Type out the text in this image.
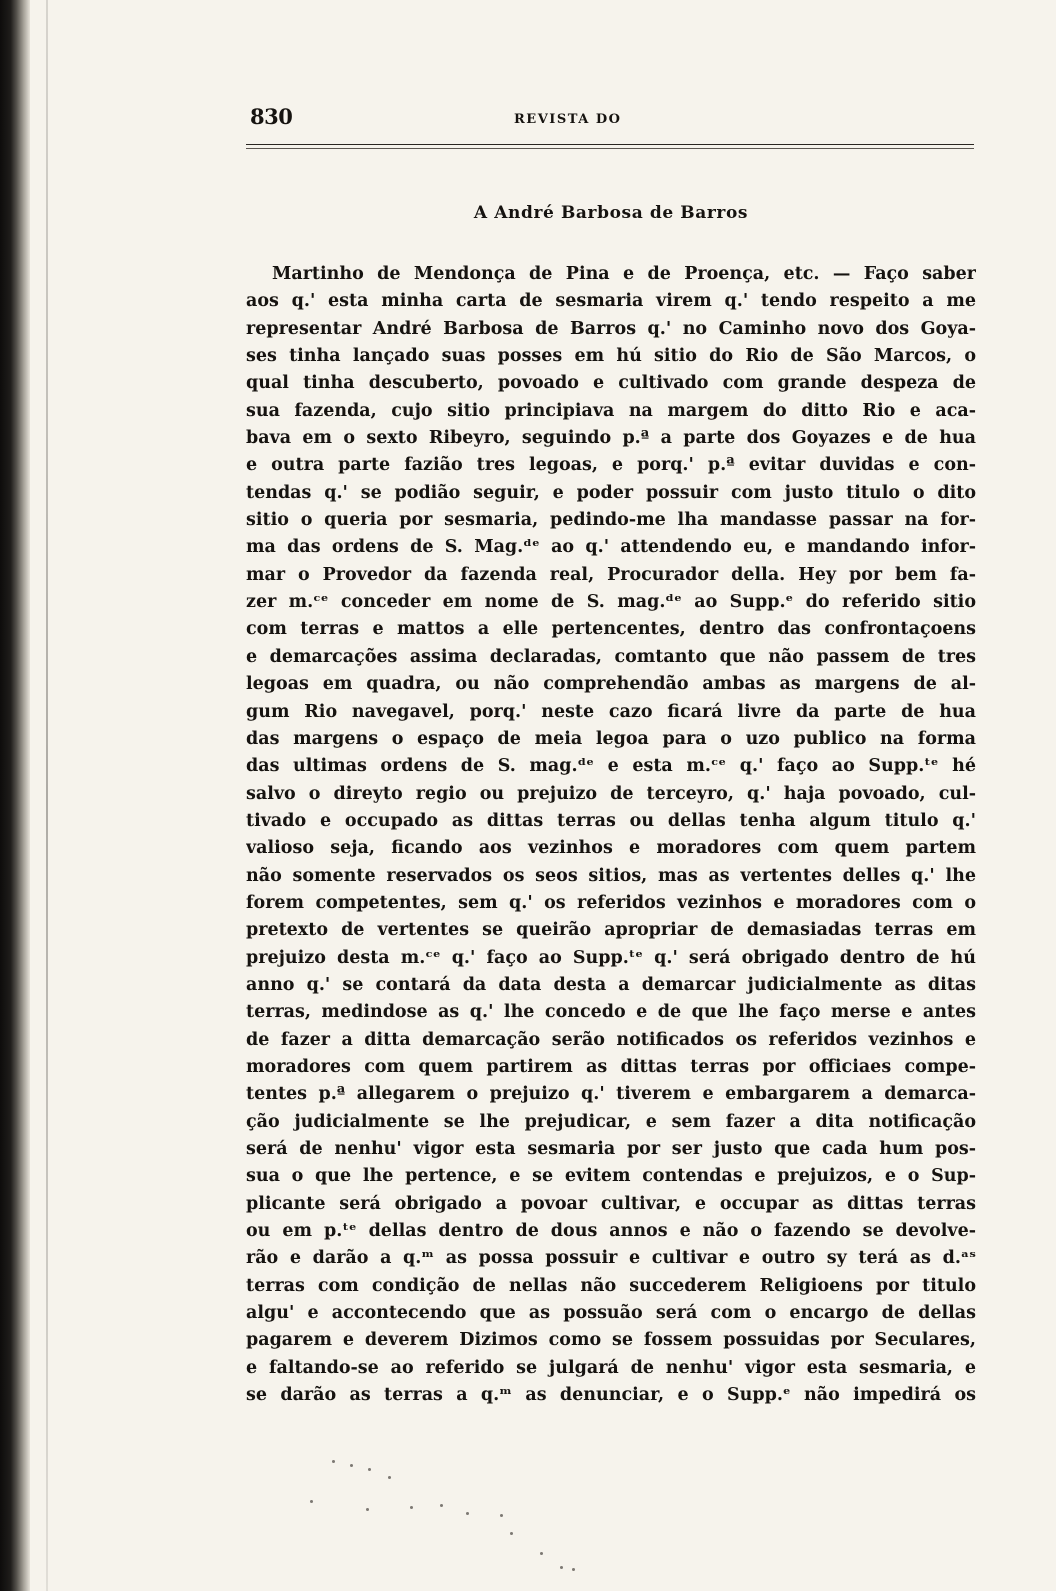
830	REVISTA DO
A André Barbosa de Barros
Martinho de Mendonça de Pina e de Proença, etc. — Faço saber
aos q.' esta minha carta de sesmaria virem q.' tendo respeito a me
representar André Barbosa de Barros q.' no Caminho novo dos Goya-
ses tinha lançado suas posses em hú sitio do Rio de São Marcos, o
qual tinha descuberto, povoado e cultivado com grande despeza de
sua fazenda, cujo sitio principiava na margem do ditto Rio e aca-
bava em o sexto Ribeyro, seguindo p.ª a parte dos Goyazes e de hua
e outra parte fazião tres legoas, e porq.' p.ª evitar duvidas e con-
tendas q.' se podião seguir, e poder possuir com justo titulo o dito
sitio o queria por sesmaria, pedindo-me lha mandasse passar na for-
ma das ordens de S. Mag.ᵈᵉ ao q.' attendendo eu, e mandando infor-
mar o Provedor da fazenda real, Procurador della. Hey por bem fa-
zer m.ᶜᵉ conceder em nome de S. mag.ᵈᵉ ao Supp.ᵉ do referido sitio
com terras e mattos a elle pertencentes, dentro das confrontaçoens
e demarcações assima declaradas, comtanto que não passem de tres
legoas em quadra, ou não comprehendão ambas as margens de al-
gum Rio navegavel, porq.' neste cazo ficará livre da parte de hua
das margens o espaço de meia legoa para o uzo publico na forma
das ultimas ordens de S. mag.ᵈᵉ e esta m.ᶜᵉ q.' faço ao Supp.ᵗᵉ hé
salvo o direyto regio ou prejuizo de terceyro, q.' haja povoado, cul-
tivado e occupado as dittas terras ou dellas tenha algum titulo q.'
valioso seja, ficando aos vezinhos e moradores com quem partem
não somente reservados os seos sitios, mas as vertentes delles q.' lhe
forem competentes, sem q.' os referidos vezinhos e moradores com o
pretexto de vertentes se queirão apropriar de demasiadas terras em
prejuizo desta m.ᶜᵉ q.' faço ao Supp.ᵗᵉ q.' será obrigado dentro de hú
anno q.' se contará da data desta a demarcar judicialmente as ditas
terras, medindose as q.' lhe concedo e de que lhe faço merse e antes
de fazer a ditta demarcação serão notificados os referidos vezinhos e
moradores com quem partirem as dittas terras por officiaes compe-
tentes p.ª allegarem o prejuizo q.' tiverem e embargarem a demarca-
ção judicialmente se lhe prejudicar, e sem fazer a dita notificação
será de nenhu' vigor esta sesmaria por ser justo que cada hum pos-
sua o que lhe pertence, e se evitem contendas e prejuizos, e o Sup-
plicante será obrigado a povoar cultivar, e occupar as dittas terras
ou em p.ᵗᵉ dellas dentro de dous annos e não o fazendo se devolve-
rão e darão a q.ᵐ as possa possuir e cultivar e outro sy terá as d.ᵃˢ
terras com condição de nellas não succederem Religioens por titulo
algu' e accontecendo que as possuão será com o encargo de dellas
pagarem e deverem Dizimos como se fossem possuidas por Seculares,
e faltando-se ao referido se julgará de nenhu' vigor esta sesmaria, e
se darão as terras a q.ᵐ as denunciar, e o Supp.ᵉ não impedirá os
